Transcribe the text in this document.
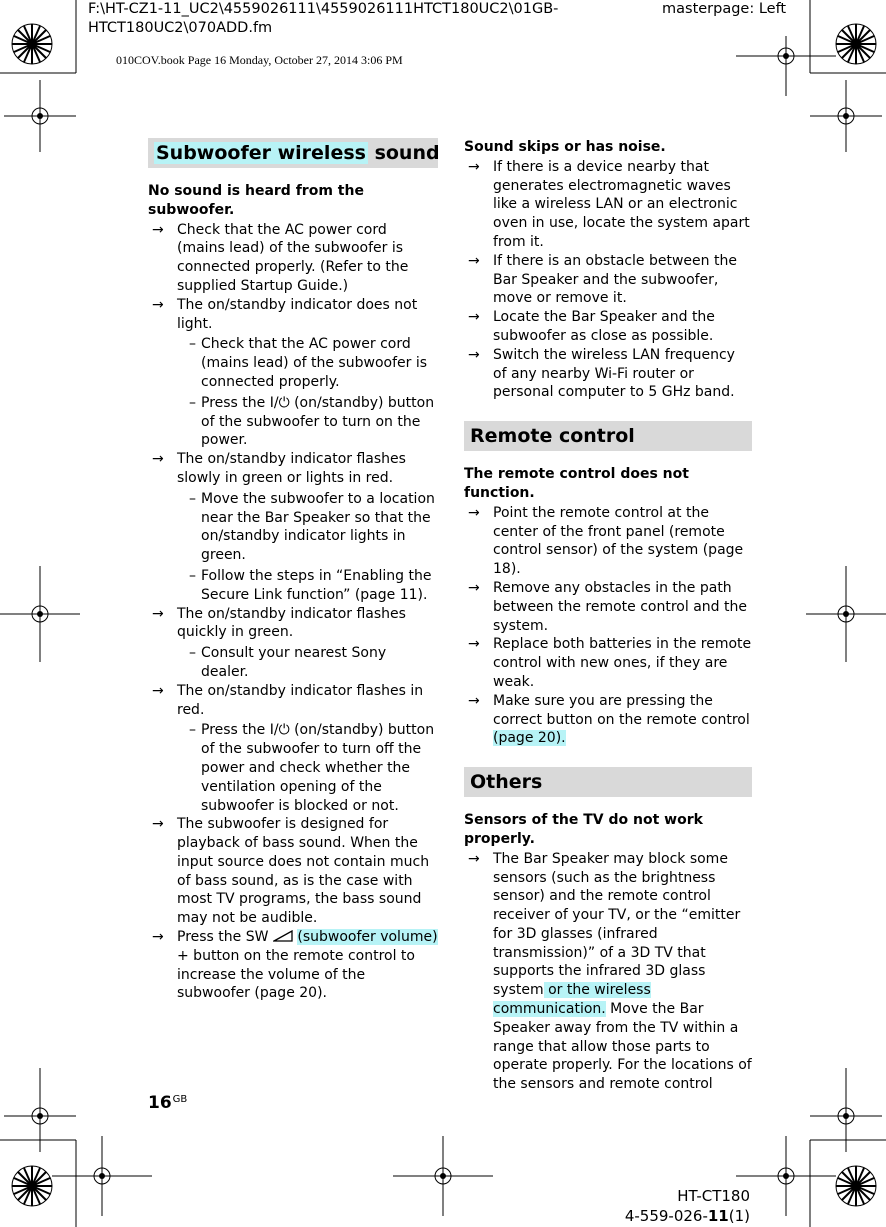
F:\HT-CZ1-11_UC2\4559026111\4559026111HTCT180UC2\01GB-
HTCT180UC2\070ADD.fm
masterpage: Left
010COV.book Page 16 Monday, October 27, 2014 3:06 PM
Subwoofer wireless sound
No sound is heard from the subwoofer.
→ Check that the AC power cord (mains lead) of the subwoofer is connected properly. (Refer to the supplied Startup Guide.)
→ The on/standby indicator does not light.
– Check that the AC power cord (mains lead) of the subwoofer is connected properly.
– Press the I/⏻ (on/standby) button of the subwoofer to turn on the power.
→ The on/standby indicator flashes slowly in green or lights in red.
– Move the subwoofer to a location near the Bar Speaker so that the on/standby indicator lights in green.
– Follow the steps in “Enabling the Secure Link function” (page 11).
→ The on/standby indicator flashes quickly in green.
– Consult your nearest Sony dealer.
→ The on/standby indicator flashes in red.
– Press the I/⏻ (on/standby) button of the subwoofer to turn off the power and check whether the ventilation opening of the subwoofer is blocked or not.
→ The subwoofer is designed for playback of bass sound. When the input source does not contain much of bass sound, as is the case with most TV programs, the bass sound may not be audible.
→ Press the SW  (subwoofer volume) + button on the remote control to increase the volume of the subwoofer (page 20).
Sound skips or has noise.
→ If there is a device nearby that generates electromagnetic waves like a wireless LAN or an electronic oven in use, locate the system apart from it.
→ If there is an obstacle between the Bar Speaker and the subwoofer, move or remove it.
→ Locate the Bar Speaker and the subwoofer as close as possible.
→ Switch the wireless LAN frequency of any nearby Wi-Fi router or personal computer to 5 GHz band.
Remote control
The remote control does not function.
→ Point the remote control at the center of the front panel (remote control sensor) of the system (page 18).
→ Remove any obstacles in the path between the remote control and the system.
→ Replace both batteries in the remote control with new ones, if they are weak.
→ Make sure you are pressing the correct button on the remote control (page 20).
Others
Sensors of the TV do not work properly.
→ The Bar Speaker may block some sensors (such as the brightness sensor) and the remote control receiver of your TV, or the “emitter for 3D glasses (infrared transmission)” of a 3D TV that supports the infrared 3D glass system or the wireless communication. Move the Bar Speaker away from the TV within a range that allow those parts to operate properly. For the locations of the sensors and remote control
$16^{GB}$
HT-CT180
4-559-026-11(1)
